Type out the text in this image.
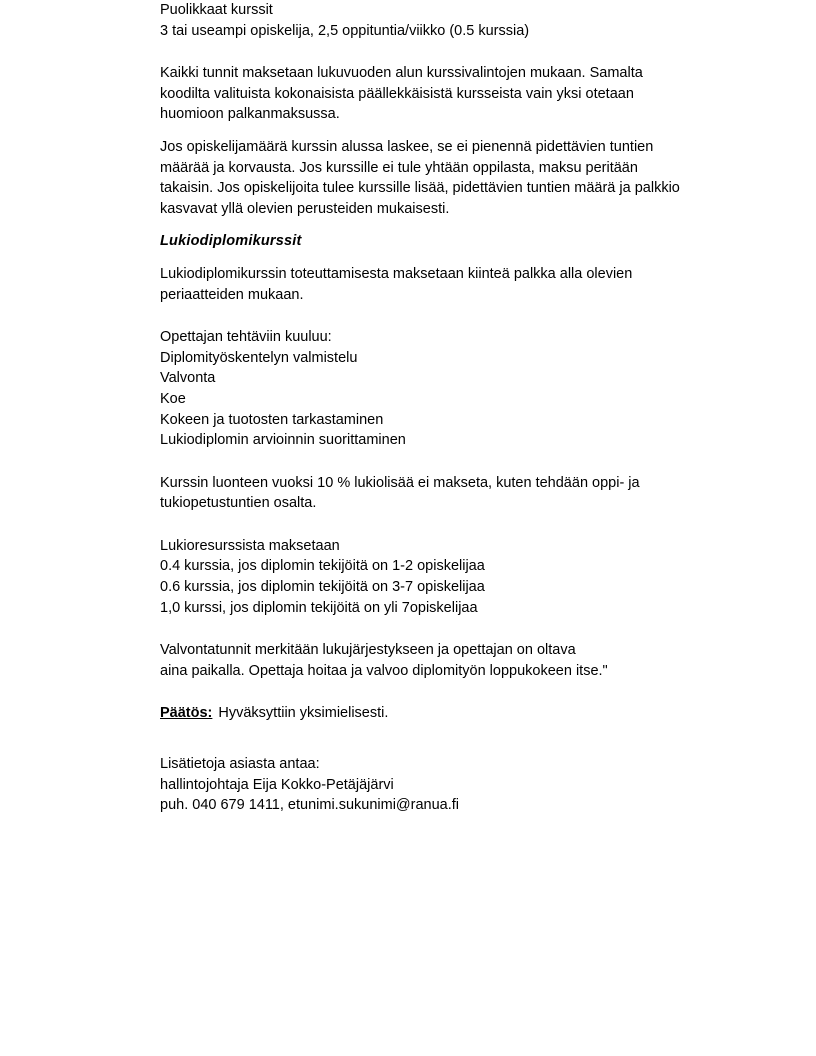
Puolikkaat kurssit
3 tai useampi opiskelija, 2,5 oppituntia/viikko (0.5 kurssia)
Kaikki tunnit maksetaan lukuvuoden alun kurssivalintojen mukaan. Samalta
koodilta valituista kokonaisista päällekkäisistä kursseista vain yksi otetaan
huomioon palkanmaksussa.
Jos opiskelijamäärä kurssin alussa laskee, se ei pienennä pidettävien tuntien
määrää ja korvausta. Jos kurssille ei tule yhtään oppilasta, maksu peritään
takaisin. Jos opiskelijoita tulee kurssille lisää, pidettävien tuntien määrä ja palkkio
kasvavat yllä olevien perusteiden mukaisesti.
Lukiodiplomikurssit
Lukiodiplomikurssin toteuttamisesta maksetaan kiinteä palkka alla olevien
periaatteiden mukaan.
Opettajan tehtäviin kuuluu:
Diplomityöskentelyn valmistelu
Valvonta
Koe
Kokeen ja tuotosten tarkastaminen
Lukiodiplomin arvioinnin suorittaminen
Kurssin luonteen vuoksi 10 % lukiolisää ei makseta, kuten tehdään oppi- ja
tukiopetustuntien osalta.
Lukioresurssista maksetaan
0.4 kurssia, jos diplomin tekijöitä on 1-2 opiskelijaa
0.6 kurssia, jos diplomin tekijöitä on 3-7 opiskelijaa
1,0 kurssi, jos diplomin tekijöitä on yli 7opiskelijaa
Valvontatunnit merkitään lukujärjestykseen ja opettajan on oltava
aina paikalla. Opettaja hoitaa ja valvoo diplomityön loppukokeen itse."
Päätös: Hyväksyttiin yksimielisesti.
Lisätietoja asiasta antaa:
hallintojohtaja Eija Kokko-Petäjäjärvi
puh. 040 679 1411, etunimi.sukunimi@ranua.fi
